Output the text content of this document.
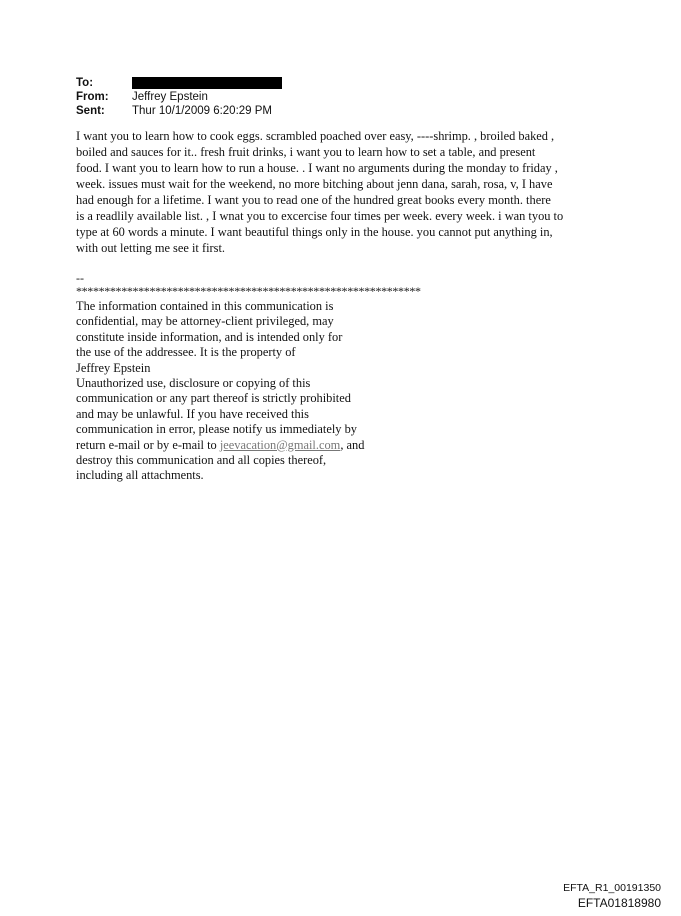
To:
From:	Jeffrey Epstein
Sent:	Thur 10/1/2009 6:20:29 PM
I want you to learn how to cook eggs. scrambled poached over easy, ----shrimp. , broiled baked ,
boiled and sauces for it.. fresh fruit drinks, i want you to learn how to set a table, and present
food. I want you to learn how to run a house. . I want no arguments during the monday to friday ,
week. issues must wait for the weekend, no more bitching about jenn dana, sarah, rosa, v, I have
had enough for a lifetime. I want you to read one of the hundred great books every month. there
is a readlily available list. , I wnat you to excercise four times per week. every week. i wan tyou to
type at 60 words a minute. I want beautiful things only in the house. you cannot put anything in,
with out letting me see it first.
--
*************************************************************
The information contained in this communication is
confidential, may be attorney-client privileged, may
constitute inside information, and is intended only for
the use of the addressee. It is the property of
Jeffrey Epstein
Unauthorized use, disclosure or copying of this
communication or any part thereof is strictly prohibited
and may be unlawful. If you have received this
communication in error, please notify us immediately by
return e-mail or by e-mail to jeevacation@gmail.com, and
destroy this communication and all copies thereof,
including all attachments.
EFTA_R1_00191350
EFTA01818980
